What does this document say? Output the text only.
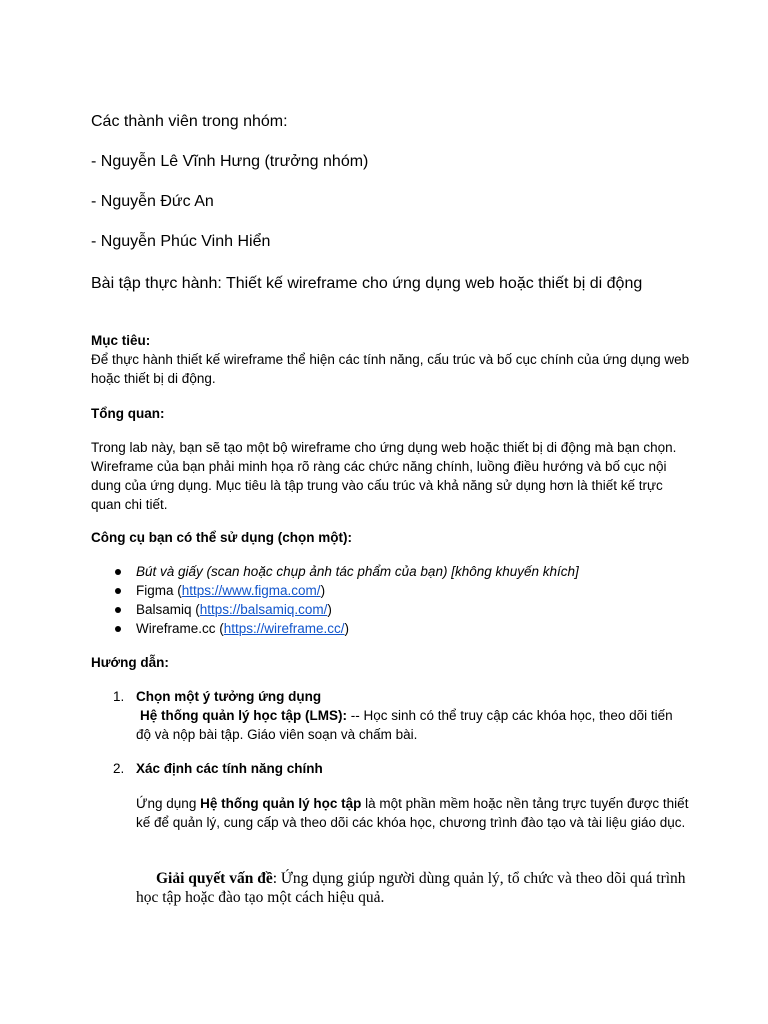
Các thành viên trong nhóm:
- Nguyễn Lê Vĩnh Hưng (trưởng nhóm)
- Nguyễn Đức An
- Nguyễn Phúc Vinh Hiển
Bài tập thực hành: Thiết kế wireframe cho ứng dụng web hoặc thiết bị di động
Mục tiêu:
Để thực hành thiết kế wireframe thể hiện các tính năng, cấu trúc và bố cục chính của ứng dụng web hoặc thiết bị di động.
Tổng quan:
Trong lab này, bạn sẽ tạo một bộ wireframe cho ứng dụng web hoặc thiết bị di động mà bạn chọn. Wireframe của bạn phải minh họa rõ ràng các chức năng chính, luồng điều hướng và bố cục nội dung của ứng dụng. Mục tiêu là tập trung vào cấu trúc và khả năng sử dụng hơn là thiết kế trực quan chi tiết.
Công cụ bạn có thể sử dụng (chọn một):
Bút và giấy (scan hoặc chụp ảnh tác phẩm của bạn) [không khuyến khích]
Figma (https://www.figma.com/)
Balsamiq (https://balsamiq.com/)
Wireframe.cc (https://wireframe.cc/)
Hướng dẫn:
1. Chọn một ý tưởng ứng dụng
Hệ thống quản lý học tập (LMS): -- Học sinh có thể truy cập các khóa học, theo dõi tiến độ và nộp bài tập. Giáo viên soạn và chấm bài.
2. Xác định các tính năng chính
Ứng dụng Hệ thống quản lý học tập là một phần mềm hoặc nền tảng trực tuyến được thiết kế để quản lý, cung cấp và theo dõi các khóa học, chương trình đào tạo và tài liệu giáo dục.
Giải quyết vấn đề: Ứng dụng giúp người dùng quản lý, tổ chức và theo dõi quá trình học tập hoặc đào tạo một cách hiệu quả.
